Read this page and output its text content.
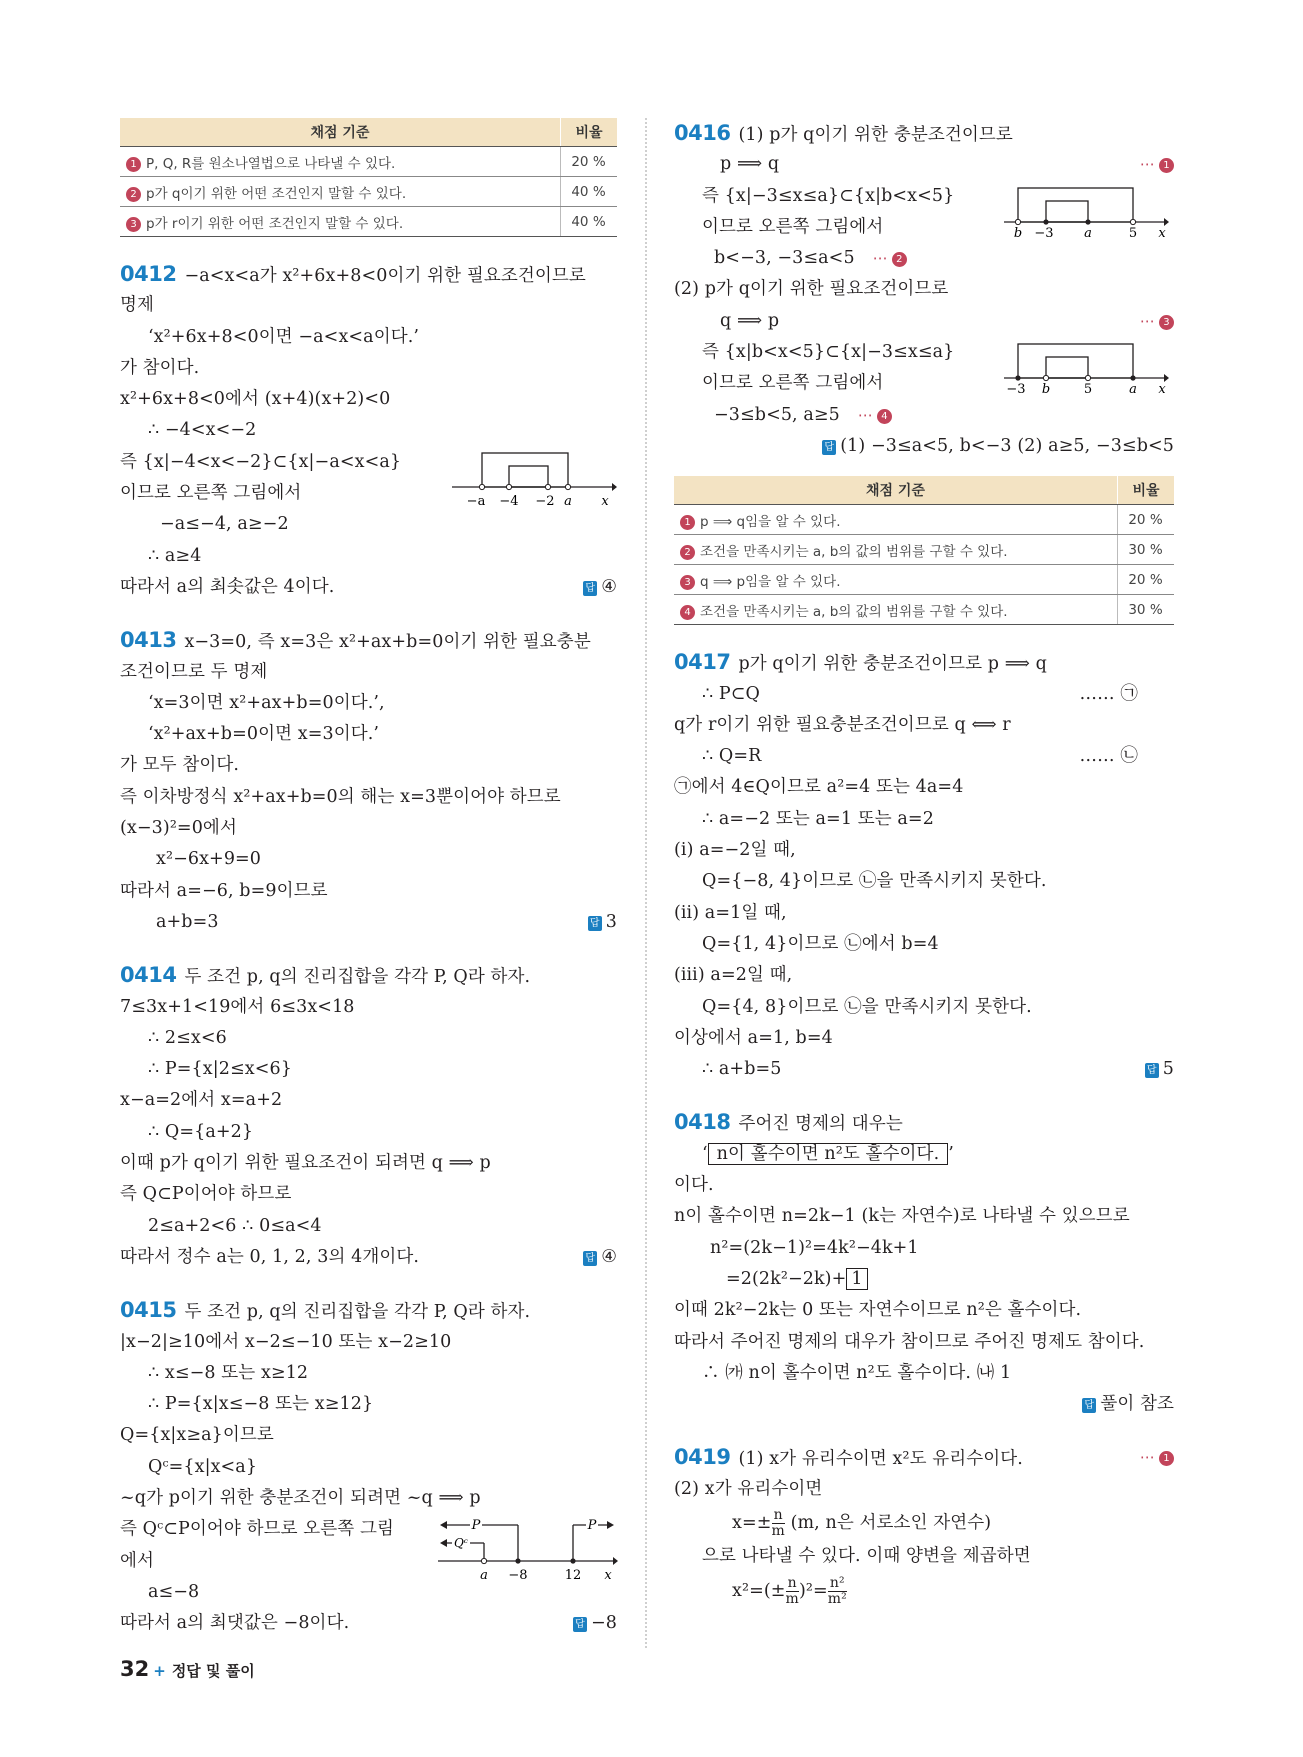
채점 기준	비율
1 P, Q, R를 원소나열법으로 나타낼 수 있다.	20 %
2 p가 q이기 위한 어떤 조건인지 말할 수 있다.	40 %
3 p가 r이기 위한 어떤 조건인지 말할 수 있다.	40 %
0412 −a<x<a가 x²+6x+8<0이기 위한 필요조건이므로
명제
‘x²+6x+8<0이면 −a<x<a이다.’
가 참이다.
x²+6x+8<0에서 (x+4)(x+2)<0
∴ −4<x<−2
즉 {x|−4<x<−2}⊂{x|−a<x<a}
이므로 오른쪽 그림에서
−a≤−4, a≥−2
∴ a≥4
따라서 a의 최솟값은 4이다.	답 ④
−a −4 −2 a x
0413 x−3=0, 즉 x=3은 x²+ax+b=0이기 위한 필요충분
조건이므로 두 명제
‘x=3이면 x²+ax+b=0이다.’,
‘x²+ax+b=0이면 x=3이다.’
가 모두 참이다.
즉 이차방정식 x²+ax+b=0의 해는 x=3뿐이어야 하므로
(x−3)²=0에서
x²−6x+9=0
따라서 a=−6, b=9이므로
a+b=3	답 3
0414 두 조건 p, q의 진리집합을 각각 P, Q라 하자.
7≤3x+1<19에서 6≤3x<18
∴ 2≤x<6
∴ P={x|2≤x<6}
x−a=2에서 x=a+2
∴ Q={a+2}
이때 p가 q이기 위한 필요조건이 되려면 q ⟹ p
즉 Q⊂P이어야 하므로
2≤a+2<6 ∴ 0≤a<4
따라서 정수 a는 0, 1, 2, 3의 4개이다.	답 ④
0415 두 조건 p, q의 진리집합을 각각 P, Q라 하자.
|x−2|≥10에서 x−2≤−10 또는 x−2≥10
∴ x≤−8 또는 x≥12
∴ P={x|x≤−8 또는 x≥12}
Q={x|x≥a}이므로
Qᶜ={x|x<a}
~q가 p이기 위한 충분조건이 되려면 ~q ⟹ p
즉 Qᶜ⊂P이어야 하므로 오른쪽 그림
에서
a≤−8
따라서 a의 최댓값은 −8이다.	답 −8
P	P
Qᶜ
a −8	12 x
0416 (1) p가 q이기 위한 충분조건이므로
p ⟹ q	⋯ 1
즉 {x|−3≤x≤a}⊂{x|b<x<5}
이므로 오른쪽 그림에서
b<−3, −3≤a<5 ⋯ 2
(2) p가 q이기 위한 필요조건이므로
q ⟹ p	⋯ 3
즉 {x|b<x<5}⊂{x|−3≤x≤a}
이므로 오른쪽 그림에서
−3≤b<5, a≥5 ⋯ 4
답 (1) −3≤a<5, b<−3 (2) a≥5, −3≤b<5
b −3 a	5 x
−3 b	5	a x
채점 기준	비율
1 p ⟹ q임을 알 수 있다.	20 %
2 조건을 만족시키는 a, b의 값의 범위를 구할 수 있다.	30 %
3 q ⟹ p임을 알 수 있다.	20 %
4 조건을 만족시키는 a, b의 값의 범위를 구할 수 있다.	30 %
0417 p가 q이기 위한 충분조건이므로 p ⟹ q
∴ P⊂Q	…… ㉠
q가 r이기 위한 필요충분조건이므로 q ⟺ r
∴ Q=R	…… ㉡
㉠에서 4∈Q이므로 a²=4 또는 4a=4
∴ a=−2 또는 a=1 또는 a=2
(ⅰ) a=−2일 때,
Q={−8, 4}이므로 ㉡을 만족시키지 못한다.
(ⅱ) a=1일 때,
Q={1, 4}이므로 ㉡에서 b=4
(ⅲ) a=2일 때,
Q={4, 8}이므로 ㉡을 만족시키지 못한다.
이상에서 a=1, b=4
∴ a+b=5	답 5
0418 주어진 명제의 대우는
‘ n이 홀수이면 n²도 홀수이다. ’
이다.
n이 홀수이면 n=2k−1 (k는 자연수)로 나타낼 수 있으므로
n²=(2k−1)²=4k²−4k+1
=2(2k²−2k)+ 1
이때 2k²−2k는 0 또는 자연수이므로 n²은 홀수이다.
따라서 주어진 명제의 대우가 참이므로 주어진 명제도 참이다.
∴ ㈎ n이 홀수이면 n²도 홀수이다. ㈏ 1
답 풀이 참조
0419 (1) x가 유리수이면 x²도 유리수이다.	⋯ 1
(2) x가 유리수이면
$x=\pm \frac{n}{m} (m$, n은 서로소인 자연수)
으로 나타낼 수 있다. 이때 양변을 제곱하면
$x^2=(\pm \frac{n}{m} )^2= \frac{\text{n²}}{\text{m²}}$
32 + 정답 및 풀이
